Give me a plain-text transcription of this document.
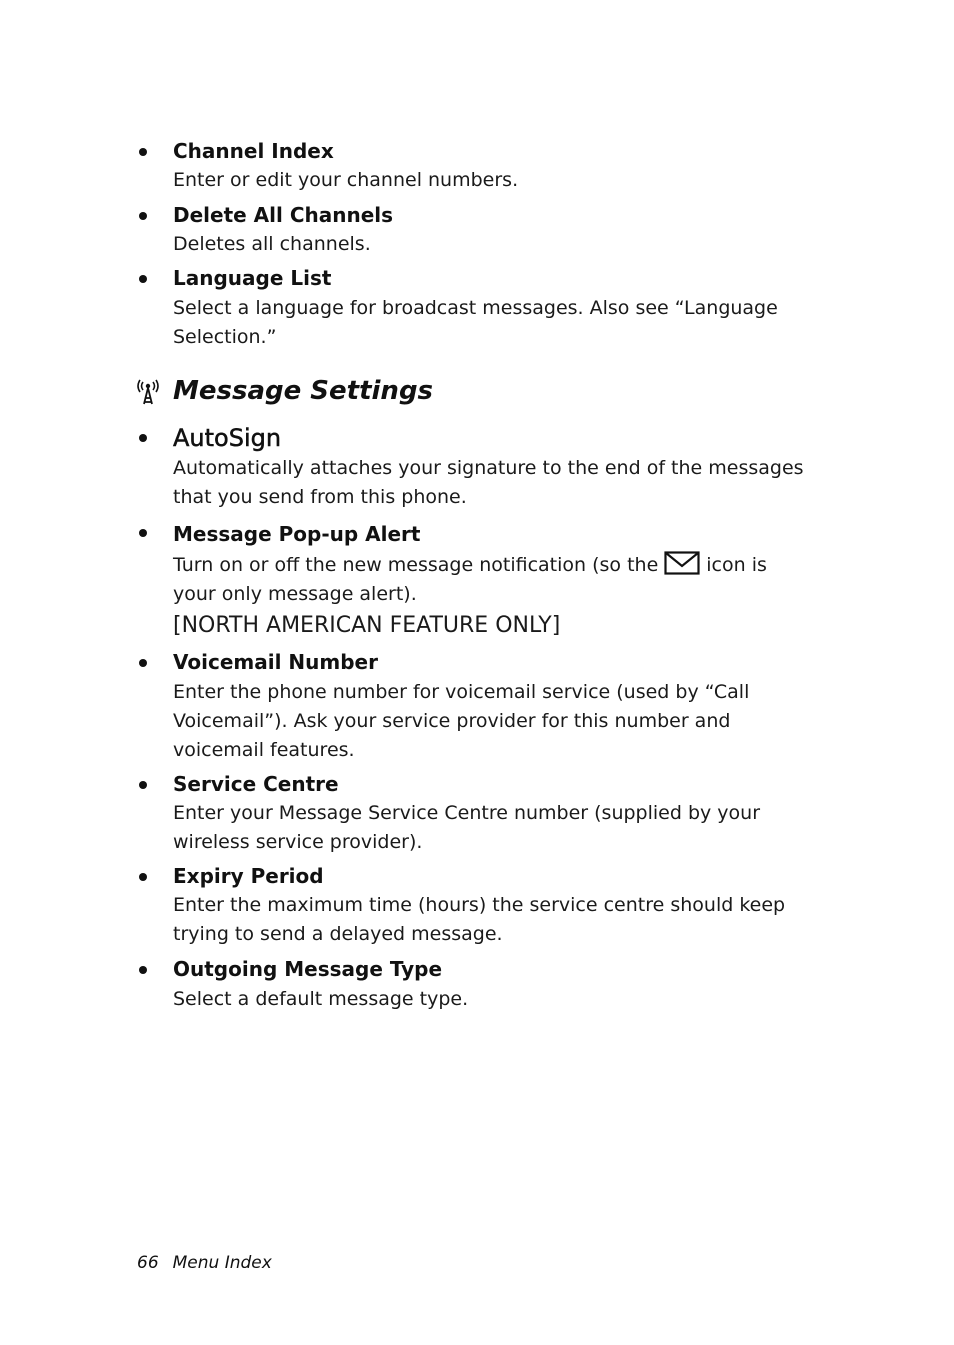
Channel Index
Enter or edit your channel numbers.
Delete All Channels
Deletes all channels.
Language List
Select a language for broadcast messages. Also see “Language
Selection.”
Message Settings
AutoSign
Automatically attaches your signature to the end of the messages
that you send from this phone.
Message Pop-up Alert
Turn on or off the new message notification (so the	icon is
your only message alert).
[NORTH AMERICAN FEATURE ONLY]
Voicemail Number
Enter the phone number for voicemail service (used by “Call
Voicemail”). Ask your service provider for this number and
voicemail features.
Service Centre
Enter your Message Service Centre number (supplied by your
wireless service provider).
Expiry Period
Enter the maximum time (hours) the service centre should keep
trying to send a delayed message.
Outgoing Message Type
Select a default message type.
66 Menu Index
